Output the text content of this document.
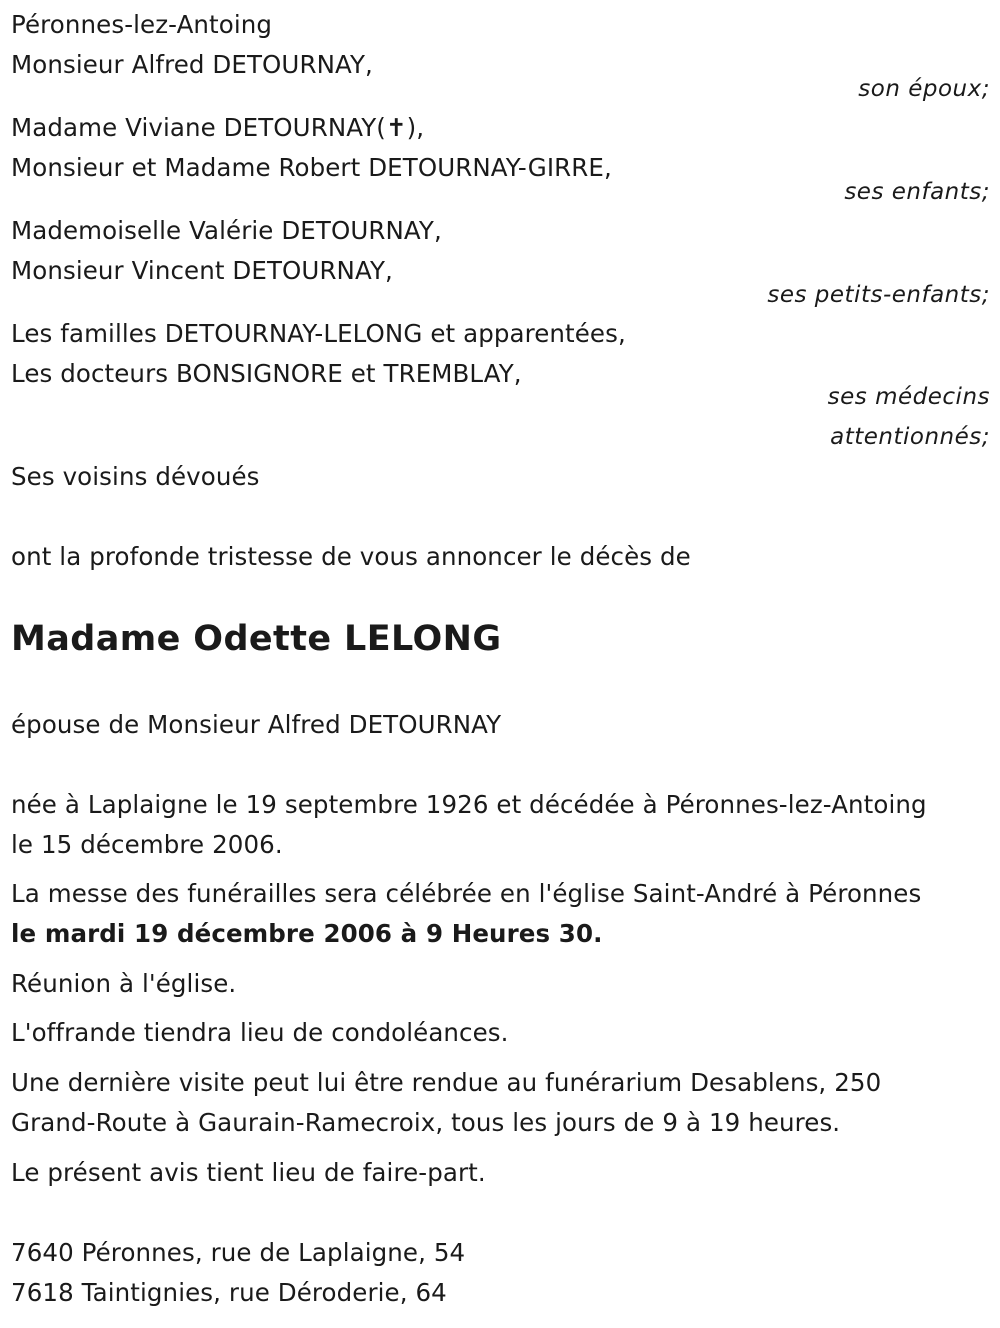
Péronnes-lez-Antoing
Monsieur Alfred DETOURNAY,
son époux;
Madame Viviane DETOURNAY(✝),
Monsieur et Madame Robert DETOURNAY-GIRRE,
ses enfants;
Mademoiselle Valérie DETOURNAY,
Monsieur Vincent DETOURNAY,
ses petits-enfants;
Les familles DETOURNAY-LELONG et apparentées,
Les docteurs BONSIGNORE et TREMBLAY,
ses médecins
attentionnés;
Ses voisins dévoués
ont la profonde tristesse de vous annoncer le décès de
Madame Odette LELONG
épouse de Monsieur Alfred DETOURNAY
née à Laplaigne le 19 septembre 1926 et décédée à Péronnes-lez-Antoing
le 15 décembre 2006.
La messe des funérailles sera célébrée en l'église Saint-André à Péronnes
le mardi 19 décembre 2006 à 9 Heures 30.
Réunion à l'église.
L'offrande tiendra lieu de condoléances.
Une dernière visite peut lui être rendue au funérarium Desablens, 250
Grand-Route à Gaurain-Ramecroix, tous les jours de 9 à 19 heures.
Le présent avis tient lieu de faire-part.
7640 Péronnes, rue de Laplaigne, 54
7618 Taintignies, rue Déroderie, 64
